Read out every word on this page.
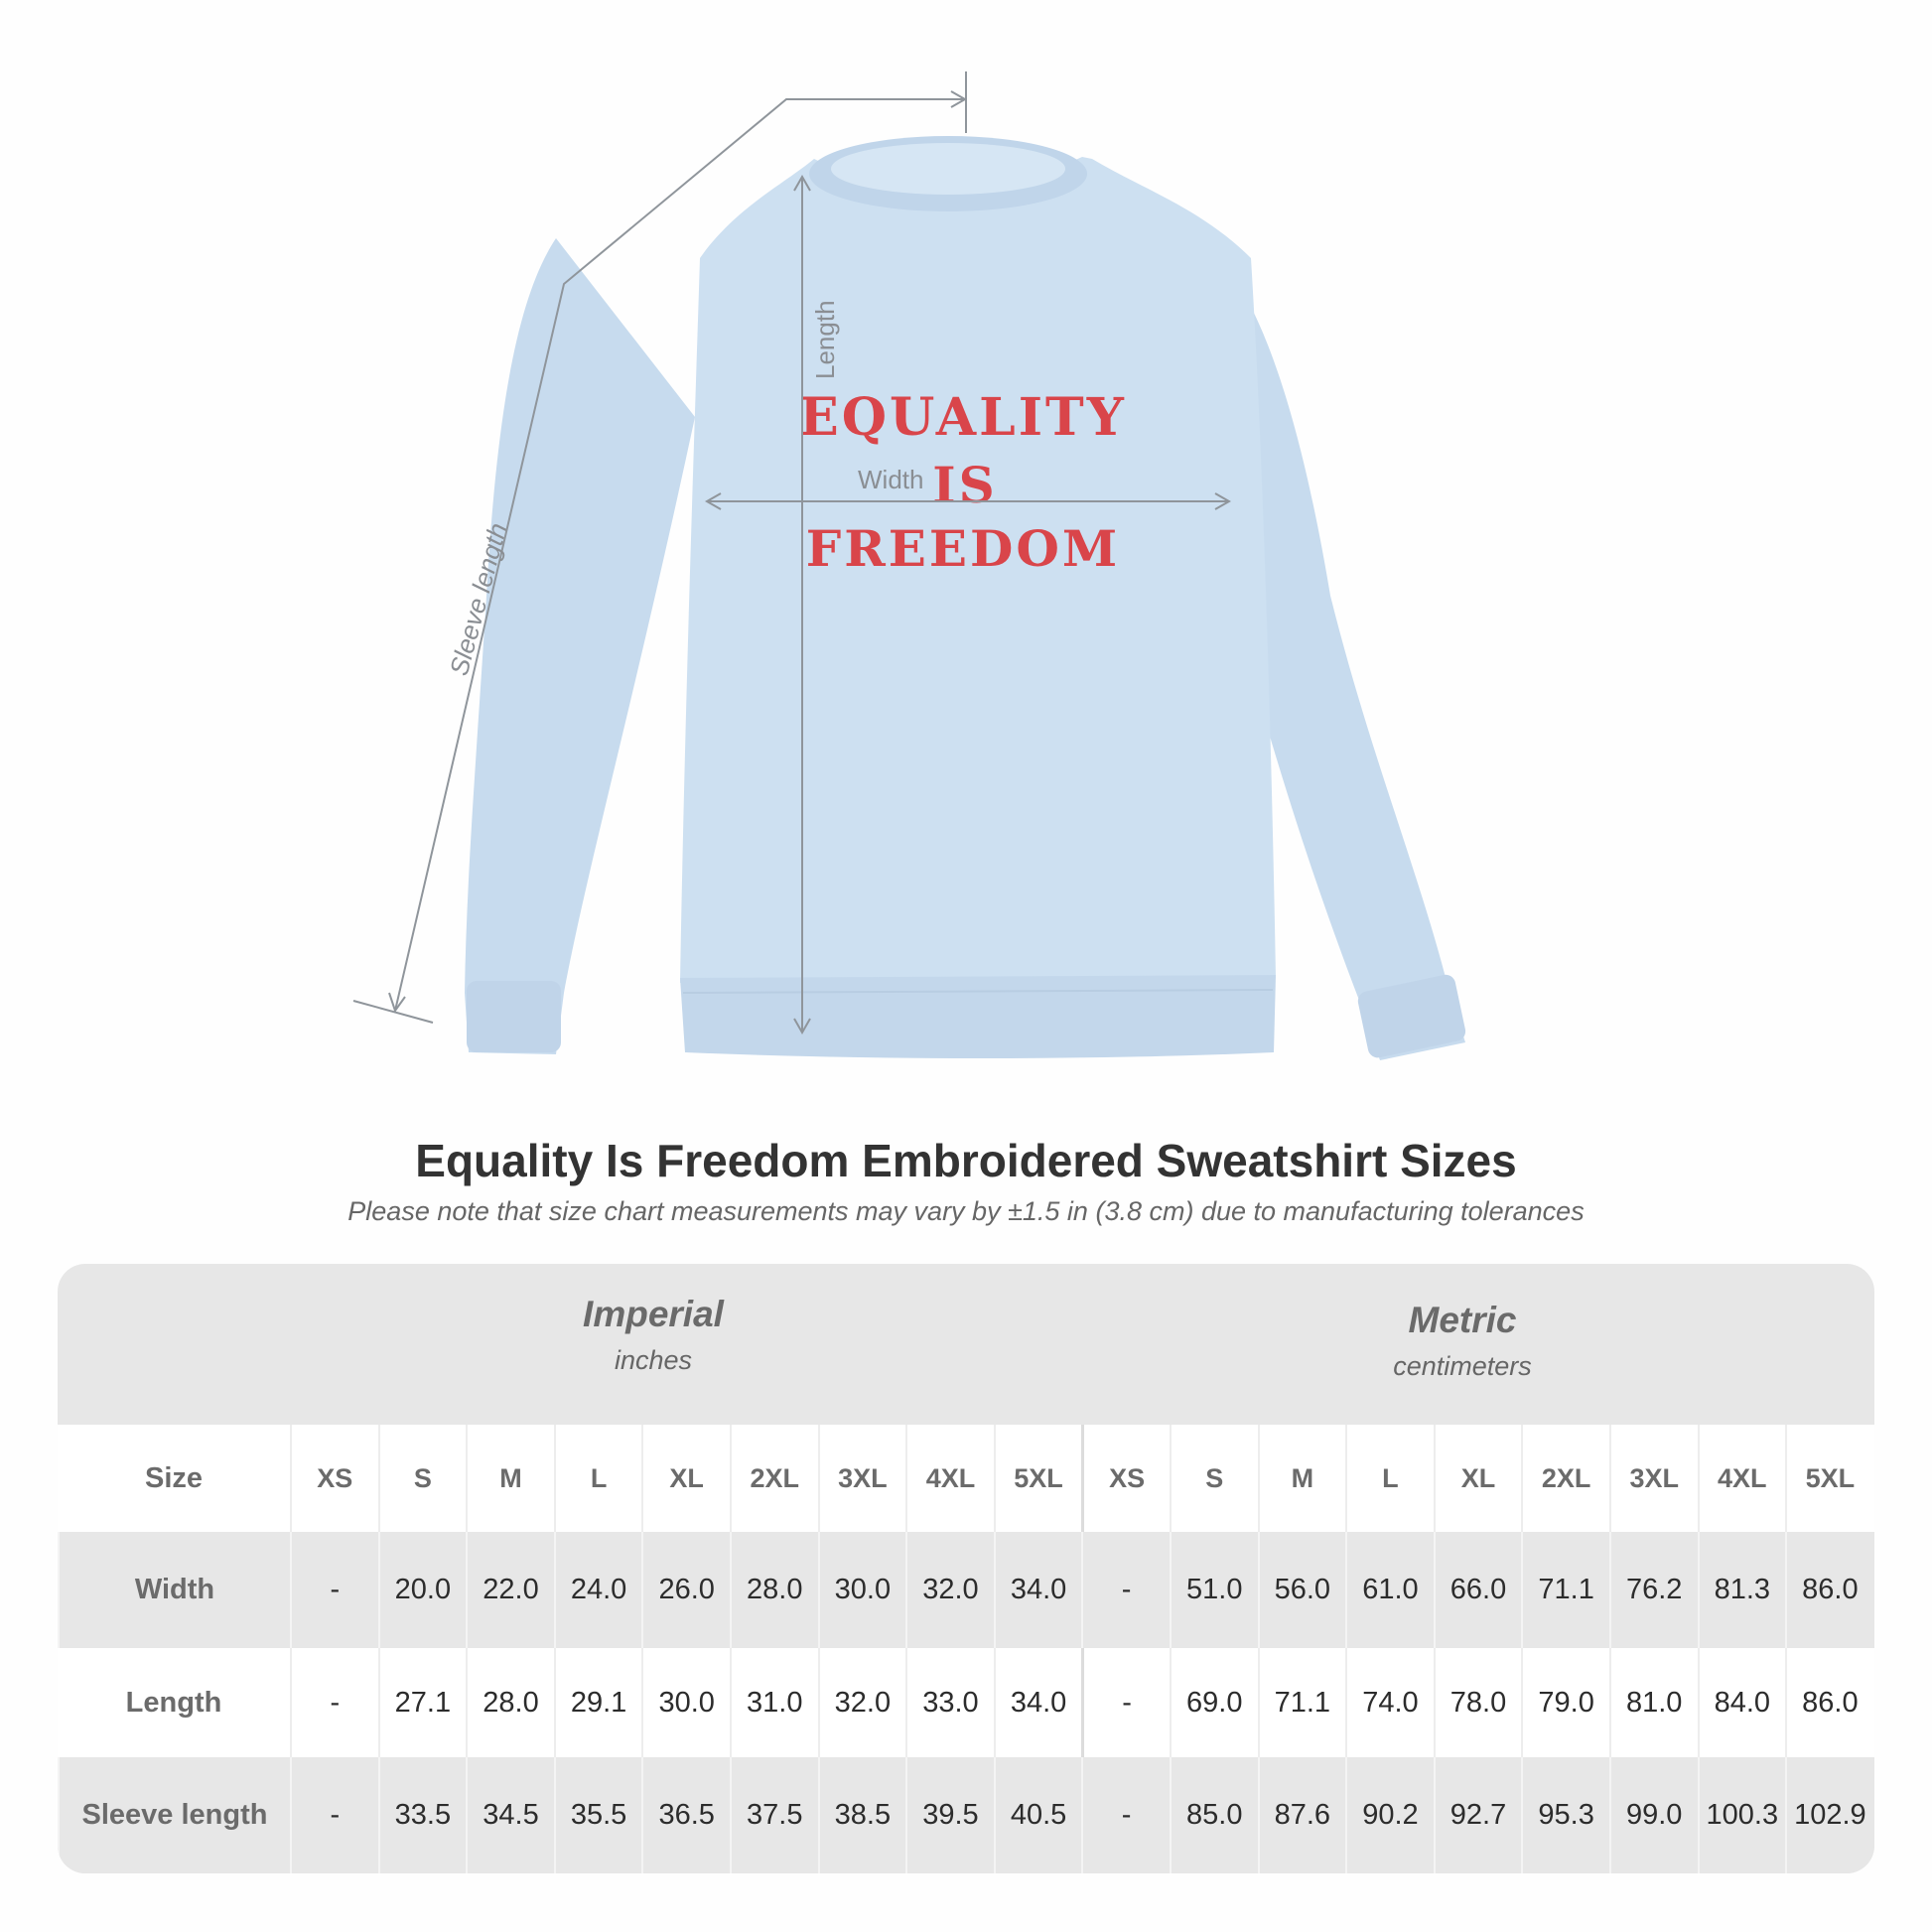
EQUALITY
IS
FREEDOM
Length
Width
Sleeve length
Equality Is Freedom Embroidered Sweatshirt Sizes
Please note that size chart measurements may vary by ±1.5 in (3.8 cm) due to manufacturing tolerances
Imperial
inches
Metric
centimeters
Size	XS	S	M	L	XL	2XL	3XL	4XL	5XL	XS	S	M	L	XL	2XL	3XL	4XL	5XL
Width	-	20.0	22.0	24.0	26.0	28.0	30.0	32.0	34.0	-	51.0	56.0	61.0	66.0	71.1	76.2	81.3	86.0
Length	-	27.1	28.0	29.1	30.0	31.0	32.0	33.0	34.0	-	69.0	71.1	74.0	78.0	79.0	81.0	84.0	86.0
Sleeve length	-	33.5	34.5	35.5	36.5	37.5	38.5	39.5	40.5	-	85.0	87.6	90.2	92.7	95.3	99.0 100.3 102.9
